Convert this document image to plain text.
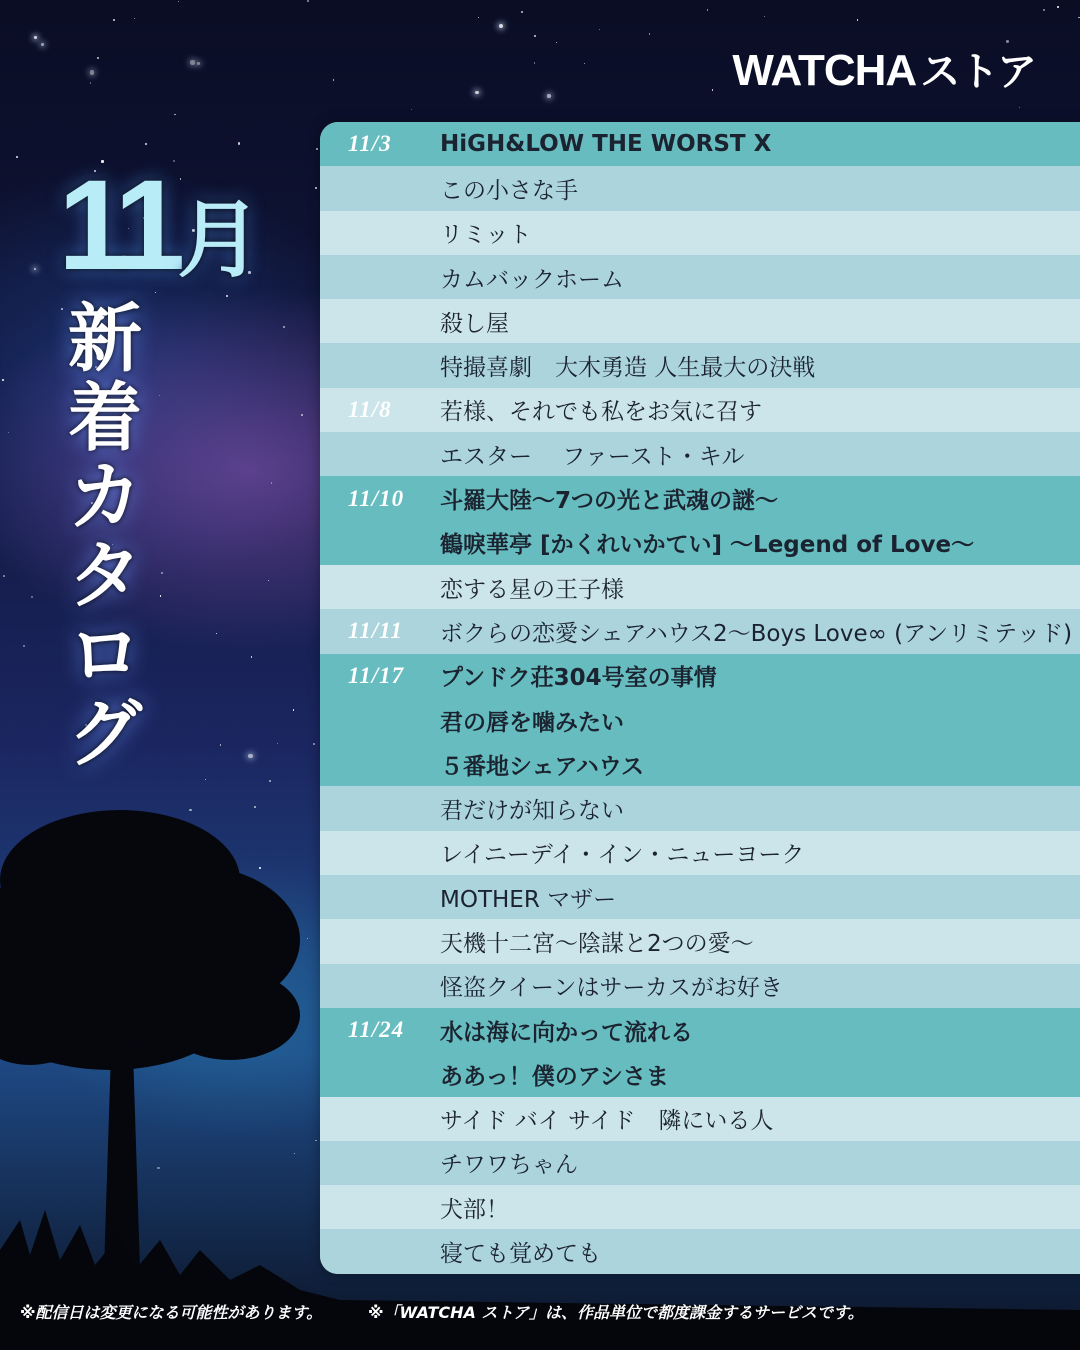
WATCHA ストア
11月
新
着
カ
タ
ロ
グ
11/3	HiGH&LOW THE WORST X
この小さな手
リミット
カムバックホーム
殺し屋
特撮喜劇　大木勇造 人生最大の決戦
11/8	若様、それでも私をお気に召す
エスター　 ファースト・キル
11/10	斗羅大陸～7つの光と武魂の謎～
鶴唳華亭 [かくれいかてい] ～Legend of Love～
恋する星の王子様
11/11	ボクらの恋愛シェアハウス2～Boys Love∞ (アンリミテッド)
11/17	プンドク荘304号室の事情
君の唇を噛みたい
５番地シェアハウス
君だけが知らない
レイニーデイ・イン・ニューヨーク
MOTHER マザー
天機十二宮～陰謀と2つの愛～
怪盗クイーンはサーカスがお好き
11/24	水は海に向かって流れる
ああっ！僕のアシさま
サイド バイ サイド　隣にいる人
チワワちゃん
犬部！
寝ても覚めても
※配信日は変更になる可能性があります。	※「WATCHA ストア」は、作品単位で都度課金するサービスです。
